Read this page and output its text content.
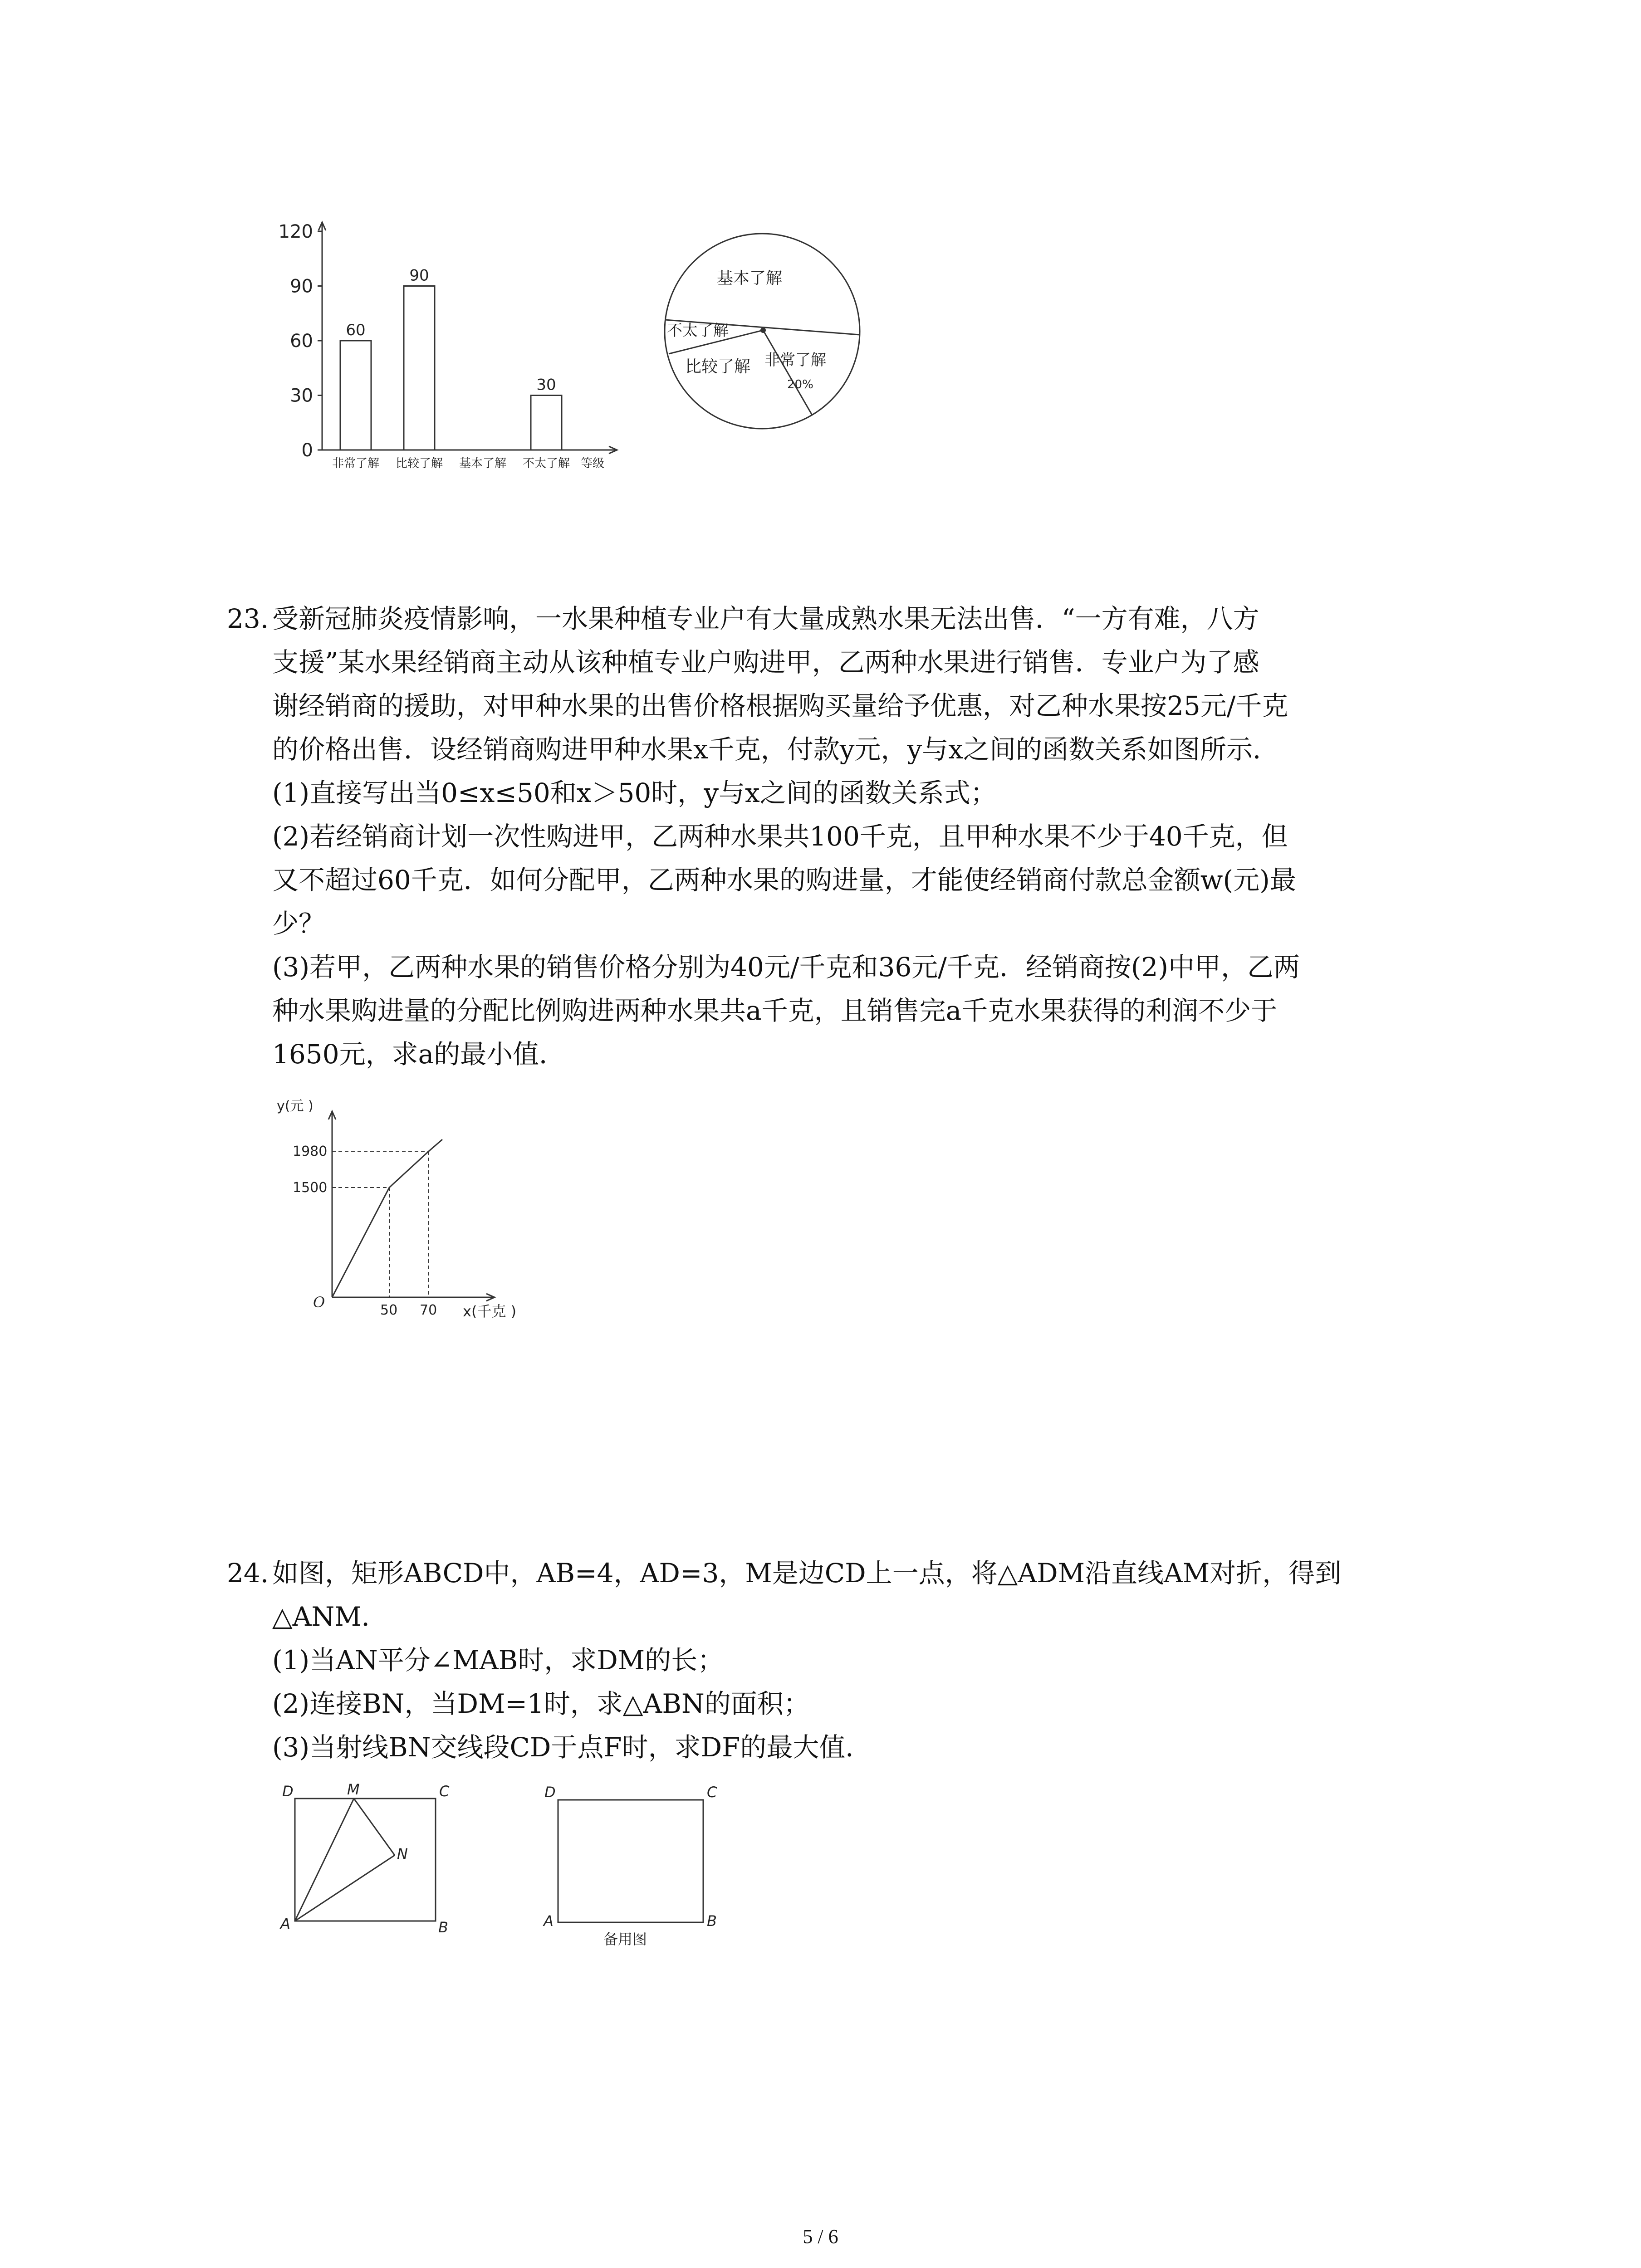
0
30
60
90
120
60
90
30
非常了解 比较了解 基本了解 不太了解 等级
基本了解
不太了解
比较了解 非常了解
20%
23. 受新冠肺炎疫情影响，一水果种植专业户有大量成熟水果无法出售．“一方有难，八方
支援”某水果经销商主动从该种植专业户购进甲，乙两种水果进行销售．专业户为了感
谢经销商的援助，对甲种水果的出售价格根据购买量给予优惠，对乙种水果按25元/千克
的价格出售．设经销商购进甲种水果x千克，付款y元，y与x之间的函数关系如图所示．
(1)直接写出当0≤x≤50和x＞50时，y与x之间的函数关系式；
(2)若经销商计划一次性购进甲，乙两种水果共100千克，且甲种水果不少于40千克，但
又不超过60千克．如何分配甲，乙两种水果的购进量，才能使经销商付款总金额w(元)最
少？
(3)若甲，乙两种水果的销售价格分别为40元/千克和36元/千克．经销商按(2)中甲，乙两
种水果购进量的分配比例购进两种水果共a千克，且销售完a千克水果获得的利润不少于
1650元，求a的最小值．
y(元 )
1980
1500
O	50 70 x(千克 )
24. 如图，矩形ABCD中，AB=4，AD=3，M是边CD上一点，将△ADM沿直线AM对折，得到
△ANM．
(1)当AN平分∠MAB时，求DM的长；
(2)连接BN，当DM=1时，求△ABN的面积；
(3)当射线BN交线段CD于点F时，求DF的最大值．
D	M	C
N
A	B
D	C
A	B
备用图
5 / 6
